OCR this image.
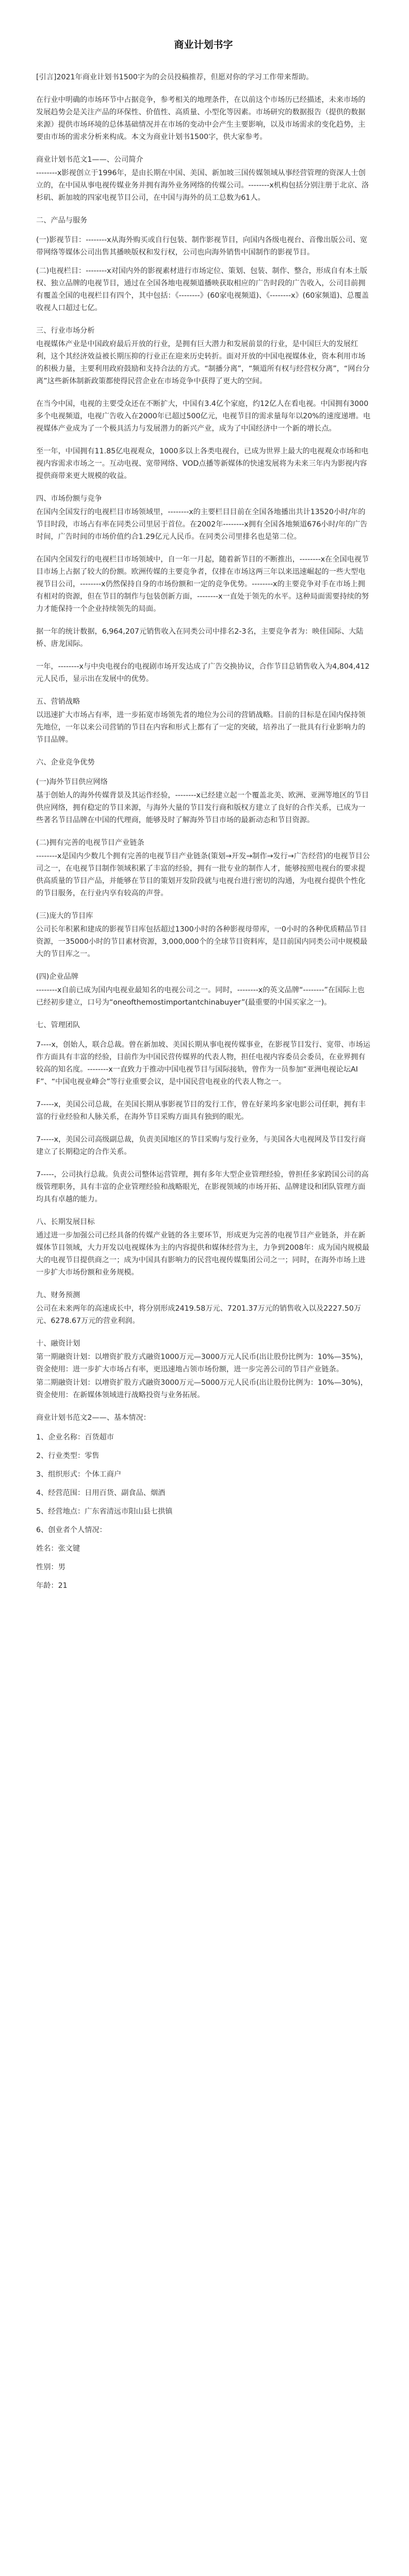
商业计划书字

[引言]2021年商业计划书1500字为的会员投稿推荐，但愿对你的学习工作带来帮助。

在行业中明确的市场环节中占据竞争，参考相关的地理条件，在以前这个市场历已经描述，未来市场的发展趋势会是关注产品的环保性、价值性、高质量、小型化等因素。市场研究的数据报告（提供的数据来源）提供市场环境的总体基础情况并在市场的变动中会产生主要影响，以及市场需求的变化趋势，主要由市场的需求分析来构成。本文为商业计划书1500字，供大家参考。

商业计划书范文1——、公司简介

--------x影视创立于1996年，是由长期在中国、美国、新加坡三国传媒领域从事经营管理的资深人士创立的，在中国从事电视传媒业务并拥有海外业务网络的传媒公司。--------x机构包括分别注册于北京、洛杉矶、新加坡的四家电视节目公司，在中国与海外的员工总数为61人。

二、产品与服务

(一)影视节目：--------x从海外购买或自行包装、制作影视节目，向国内各级电视台、音像出版公司、宽带网络等媒体公司出售其播映版权和发行权，公司也向海外销售中国制作的影视节目。

(二)电视栏目：--------x对国内外的影视素材进行市场定位、策划、包装、制作、整合，形成自有本土版权、独立品牌的电视节目，通过在全国各地电视频道播映获取相应的广告时段的广告收入，公司目前拥有覆盖全国的电视栏目有四个，其中包括：《--------》(60家电视频道)、《--------x》(60家频道)、总覆盖收视人口超过七亿。

三、行业市场分析

电视媒体产业是中国政府最后开放的行业，是拥有巨大潜力和发展前景的行业，是中国巨大的发展红利，这个其经济效益被长期压抑的行业正在迎来历史转折。面对开放的中国电视媒体业，资本利用市场的积极力量，主要利用政府鼓励和支持合法的方式。“制播分离”，“频道所有权与经营权分离”，“网台分离”这些新体制新政策都使得民营企业在市场竞争中获得了更大的空间。

在当今中国，电视的主要受众还在不断扩大，中国有3.4亿个家庭，约12亿人在看电视。中国拥有3000多个电视频道，电视广告收入在2000年已超过500亿元，电视节目的需求量每年以20%的速度递增。电视媒体产业成为了一个极具活力与发展潜力的新兴产业，成为了中国经济中一个新的增长点。

至一年，中国拥有11.85亿电视观众，1000多以上各类电视台，已成为世界上最大的电视观众市场和电视内容需求市场之一。互动电视、宽带网络、VOD点播等新媒体的快速发展将为未来三年内为影视内容提供商带来更大规模的收益。

四、市场份额与竞争

在国内全国发行的电视栏目市场领域里，--------x的主要栏目目前在全国各地播出共计13520小时/年的节目时段，市场占有率在同类公司里居于首位。在2002年--------x拥有全国各地频道676小时/年的广告时间，广告时间的市场价值约合1.29亿元人民币。在同类公司里排名也是第二位。

在国内全国发行的电视栏目市场领域中，自一年一月起，随着新节目的不断推出，--------x在全国电视节目市场上占据了较大的份额。欧洲传媒的主要竞争者，仅排在市场这两三年以来迅速崛起的一些大型电视节目公司，--------x仍然保持自身的市场份额和一定的竞争优势。--------x的主要竞争对手在市场上拥有相对的资源，但在节目的制作与包装创新方面，--------x一直处于领先的水平。这种局面需要持续的努力才能保持一个企业持续领先的局面。

据一年的统计数据，6,964,207元销售收入在同类公司中排名2-3名，主要竞争者为：映佳国际、大陆桥、唐龙国际。

一年，--------x与中央电视台的电视剧市场开发达成了广告交换协议，合作节目总销售收入为4,804,412元人民币，显示出在发展中的优势。

五、营销战略

以迅速扩大市场占有率，进一步拓宽市场领先者的地位为公司的营销战略。目前的目标是在国内保持领先地位，一年以来公司营销的节目在内容和形式上都有了一定的突破，培养出了一批具有行业影响力的节目品牌。

六、企业竞争优势

(一)海外节目供应网络

基于创始人的海外传媒背景及其运作经验，--------x已经建立起一个覆盖北美、欧洲、亚洲等地区的节目供应网络，拥有稳定的节目来源，与海外大量的节目发行商和版权方建立了良好的合作关系，已成为一些著名节目品牌在中国的代理商，能够及时了解海外节目市场的最新动态和节目资源。

(二)拥有完善的电视节目产业链条

--------x是国内少数几个拥有完善的电视节目产业链条(策划→开发→制作→发行→广告经营)的电视节目公司之一，在电视节目制作领域积累了丰富的经验，拥有一批专业的制作人才，能够按照电视台的要求提供高质量的节目产品，并能够在节目的策划开发阶段就与电视台进行密切的沟通，为电视台提供个性化的节目服务，在行业内享有较高的声誉。

(三)庞大的节目库

公司长年积累和建成的影视节目库包括超过1300小时的各种影视母带库，一0小时的各种优质精品节目资源，一35000小时的节目素材资源，3,000,000个的全球节目资料库，是目前国内同类公司中规模最大的节目库之一。

(四)企业品牌

--------x自前已成为国内电视业最知名的电视公司之一。同时，--------x的英文品牌“--------”在国际上也已经初步建立，口号为“oneofthemostimportantchinabuyer”(最重要的中国买家之一)。

七、管理团队

7----x，创始人，联合总裁。曾在新加坡、美国长期从事电视传媒事业，在影视节目发行、宽带、市场运作方面具有丰富的经验，目前作为中国民营传媒界的代表人物，担任电视内容委员会委员，在业界拥有较高的知名度。--------x一直致力于推动中国电视节目与国际接轨，曾作为一员参加“亚洲电视论坛AIF”、“中国电视业峰会”等行业重要会议，是中国民营电视业的代表人物之一。

7-----x，美国公司总裁，在美国长期从事影视节目的发行工作，曾在好莱坞多家电影公司任职，拥有丰富的行业经验和人脉关系，在海外节目采购方面具有独到的眼光。

7-----x，美国公司高级副总裁，负责美国地区的节目采购与发行业务，与美国各大电视网及节目发行商建立了长期稳定的合作关系。

7-----，公司执行总裁。负责公司整体运营管理，拥有多年大型企业管理经验，曾担任多家跨国公司的高级管理职务，具有丰富的企业管理经验和战略眼光，在影视领域的市场开拓、品牌建设和团队管理方面均具有卓越的能力。

八、长期发展目标

通过进一步加强公司已经具备的传媒产业链的各主要环节，形成更为完善的电视节目产业链条，并在新媒体节目领域，大力开发以电视媒体为主的内容提供和媒体经营为主，力争到2008年：成为国内规模最大的电视节目提供商之一；成为中国具有影响力的民营电视传媒集团公司之一；同时，在海外市场上进一步扩大市场份额和业务规模。

九、财务预测

公司在未来两年的高速成长中，将分别形成2419.58万元、7201.37万元的销售收入以及2227.50万元、6278.67万元的营业利润。

十、融资计划

第一期融资计划：以增资扩股方式融资1000万元—3000万元人民币(出让股份比例为：10%—35%)，资金使用：进一步扩大市场占有率，更迅速地占领市场份额，进一步完善公司的节目产业链条。

第二期融资计划：以增资扩股方式融资3000万元—5000万元人民币(出让股份比例为：10%—30%)，资金使用：在新媒体领域进行战略投资与业务拓展。

商业计划书范文2——、基本情况：

1、企业名称：百货超市

2、行业类型：零售

3、组织形式：个体工商户

4、经营范围：日用百货、副食品、烟酒

5、经营地点：广东省清远市阳山县七拱镇

6、创业者个人情况：

姓名：张文键

性别：男

年龄：21
